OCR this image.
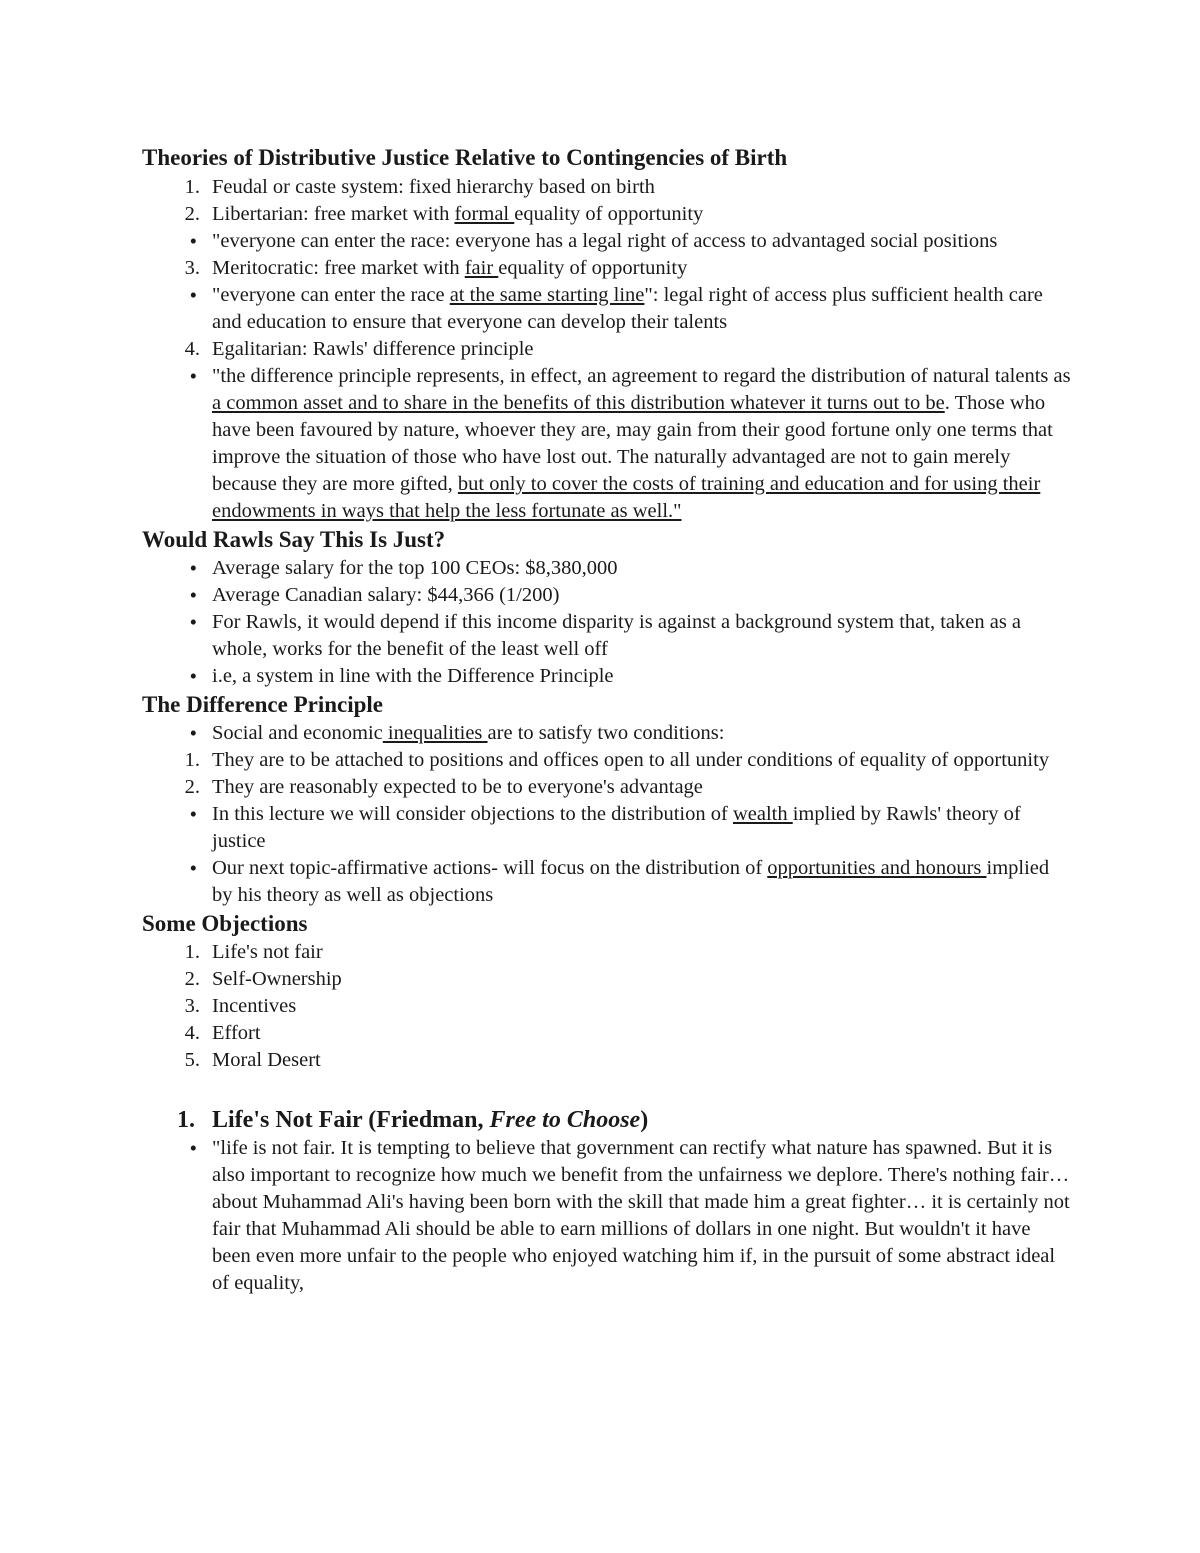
Theories of Distributive Justice Relative to Contingencies of Birth
1. Feudal or caste system: fixed hierarchy based on birth
2. Libertarian: free market with formal equality of opportunity
• "everyone can enter the race: everyone has a legal right of access to advantaged social positions
3. Meritocratic: free market with fair equality of opportunity
• "everyone can enter the race at the same starting line": legal right of access plus sufficient health care and education to ensure that everyone can develop their talents
4. Egalitarian: Rawls' difference principle
• "the difference principle represents, in effect, an agreement to regard the distribution of natural talents as a common asset and to share in the benefits of this distribution whatever it turns out to be. Those who have been favoured by nature, whoever they are, may gain from their good fortune only one terms that improve the situation of those who have lost out. The naturally advantaged are not to gain merely because they are more gifted, but only to cover the costs of training and education and for using their endowments in ways that help the less fortunate as well."
Would Rawls Say This Is Just?
• Average salary for the top 100 CEOs: $8,380,000
• Average Canadian salary: $44,366 (1/200)
• For Rawls, it would depend if this income disparity is against a background system that, taken as a whole, works for the benefit of the least well off
• i.e, a system in line with the Difference Principle
The Difference Principle
• Social and economic inequalities are to satisfy two conditions:
1. They are to be attached to positions and offices open to all under conditions of equality of opportunity
2. They are reasonably expected to be to everyone's advantage
• In this lecture we will consider objections to the distribution of wealth implied by Rawls' theory of justice
• Our next topic-affirmative actions- will focus on the distribution of opportunities and honours implied by his theory as well as objections
Some Objections
1. Life's not fair
2. Self-Ownership
3. Incentives
4. Effort
5. Moral Desert
1. Life's Not Fair (Friedman, Free to Choose)
• "life is not fair. It is tempting to believe that government can rectify what nature has spawned. But it is also important to recognize how much we benefit from the unfairness we deplore. There's nothing fair… about Muhammad Ali's having been born with the skill that made him a great fighter… it is certainly not fair that Muhammad Ali should be able to earn millions of dollars in one night. But wouldn't it have been even more unfair to the people who enjoyed watching him if, in the pursuit of some abstract ideal of equality,
